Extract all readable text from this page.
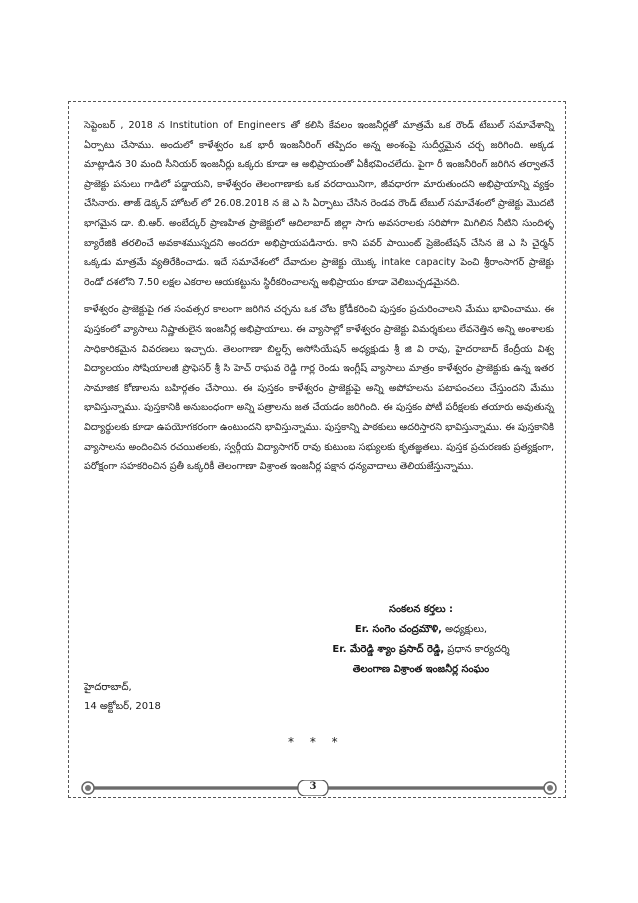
సెప్టెంబర్ , 2018 న Institution of Engineers తో కలిసి కేవలం ఇంజనీర్లతో మాత్రమే ఒక రౌండ్ టేబుల్ సమావేశాన్ని ఏర్పాటు చేసాము. అందులో కాళేశ్వరం ఒక భారీ ఇంజనీరింగ్ తప్పిదం అన్న అంశంపై సుదీర్ఘమైన చర్చ జరిగింది. అక్కడ మాట్లాడిన 30 మంది సీనియర్ ఇంజనీర్లు ఒక్కరు కూడా ఆ అభిప్రాయంతో ఏకీభవించలేదు. పైగా రీ ఇంజనీరింగ్ జరిగిన తర్వాతనే ప్రాజెక్టు పనులు గాడిలో పడ్డాయని, కాళేశ్వరం తెలంగాణాకు ఒక వరదాయినిగా, జీవధారగా మారుతుందని అభిప్రాయాన్ని వ్యక్తం చేసినారు. తాజ్ డెక్కన్ హోటల్ లో 26.08.2018 న జె ఎ సి ఏర్పాటు చేసిన రెండవ రౌండ్ టేబుల్ సమావేశంలో ప్రాజెక్టు మొదటి భాగమైన డా. బి.ఆర్. అంబేద్కర్ ప్రాణహిత ప్రాజెక్టులో ఆదిలాబాద్ జిల్లా సాగు అవసరాలకు సరిపోగా మిగిలిన నీటిని సుందిళ్ళ బ్యారేజికి తరలించే అవకాశముస్నదని అందరూ అభిప్రాయపడినారు. కాని పవర్ పాయింట్ ప్రెజెంటేషన్ చేసిన జె ఎ సి చైర్మన్ ఒక్కడు మాత్రమే వ్యతిరేకించాడు. ఇదే సమావేశంలో దేవాదుల ప్రాజెక్టు యొక్క intake capacity పెంచి శ్రీరాంసాగర్ ప్రాజెక్టు రెండో దశలోని 7.50 లక్షల ఎకరాల ఆయకట్టును స్థిరీకరించాలన్న అభిప్రాయం కూడా వెలిబుచ్చడమైనది.

కాళేశ్వరం ప్రాజెక్టుపై గత సంవత్సర కాలంగా జరిగిన చర్చను ఒక చోట క్రోడీకరించి పుస్తకం ప్రచురించాలని మేము భావించాము. ఈ పుస్తకంలో వ్యాసాలు నిష్ణాతులైన ఇంజనీర్ల అభిప్రాయాలు. ఈ వ్యాసాల్లో కాళేశ్వరం ప్రాజెక్టు విమర్శకులు లేవనెత్తిన అన్ని అంశాలకు సాధికారికమైన వివరణలు ఇచ్చారు. తెలంగాణా బిల్డర్స్ అసోసియేషన్ అధ్యక్షుడు శ్రీ జి వి రావు, హైదరాబాద్ కేంద్రీయ విశ్వ విద్యాలయం సోషియాలజీ ప్రొఫెసర్ శ్రీ సి హెచ్ రాఘవ రెడ్డి గార్ల రెండు ఇంగ్లీష్ వ్యాసాలు మాత్రం కాళేశ్వరం ప్రాజెక్టుకు ఉన్న ఇతర సామాజిక కోణాలను బహిర్గతం చేసాయి. ఈ పుస్తకం కాళేశ్వరం ప్రాజెక్టుపై అన్ని అపోహలను పటాపంచలు చేస్తుందని మేము భావిస్తున్నాము. పుస్తకానికి అనుబంధంగా అన్ని పత్రాలను జత చేయడం జరిగింది. ఈ పుస్తకం పోటీ పరీక్షలకు తయారు అవుతున్న విద్యార్థులకు కూడా ఉపయోగకరంగా ఉంటుందని భావిస్తున్నాము. పుస్తకాన్ని పాఠకులు ఆదరిస్తారని భావిస్తున్నాము. ఈ పుస్తకానికి వ్యాసాలను అందించిన రచయితలకు, స్వర్గీయ విద్యాసాగర్ రావు కుటుంబ సభ్యులకు కృతజ్ఞతలు. పుస్తక ప్రచురణకు ప్రత్యక్షంగా, పరోక్షంగా సహకరించిన ప్రతీ ఒక్కరికీ తెలంగాణా విశ్రాంత ఇంజనీర్ల పక్షాన ధన్యవాదాలు తెలియజేస్తున్నాము.

సంకలన కర్తలు :
Er. సంగెం చంద్రమౌళి, అధ్యక్షులు,
Er. మేరెడ్డి శ్యాం ప్రసాద్ రెడ్డి, ప్రధాన కార్యదర్శి
తెలంగాణ విశ్రాంత ఇంజనీర్ల సంఘం
హైదరాబాద్,
14 అక్టోబర్, 2018
* * *
3
